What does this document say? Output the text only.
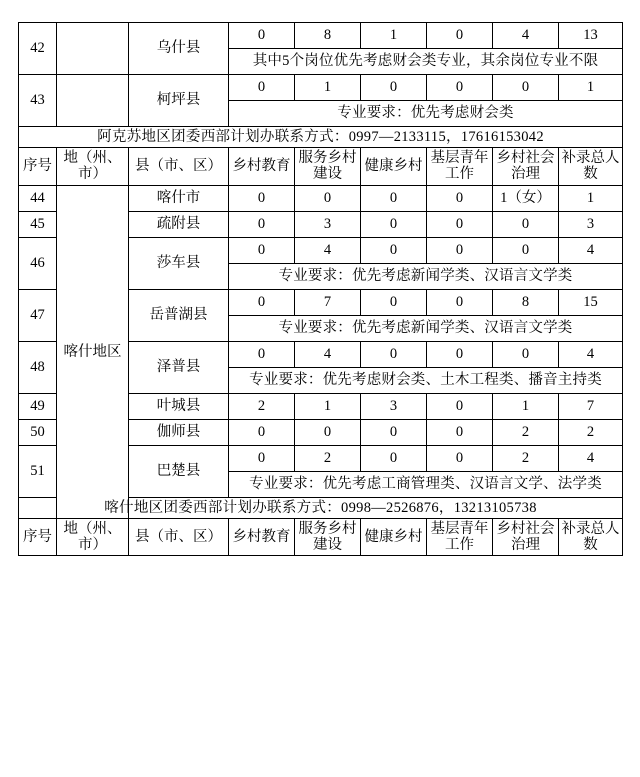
42		乌什县	0	8	1	0	4	13
			其中5个岗位优先考虑财会类专业，其余岗位专业不限					
43		柯坪县	0	1	0	0	0	1
			专业要求：优先考虑财会类					
阿克苏地区团委西部计划办联系方式：0997—2133115，17616153042								
序号	地（州、市）	县（市、区）	乡村教育	服务乡村建设	健康乡村	基层青年工作	乡村社会治理	补录总人数
44	喀什地区	喀什市	0	0	0	0	1（女）	1
45		疏附县	0	3	0	0	0	3
46		莎车县	0	4	0	0	0	4
			专业要求：优先考虑新闻学类、汉语言文学类					
47		岳普湖县	0	7	0	0	8	15
			专业要求：优先考虑新闻学类、汉语言文学类					
48		泽普县	0	4	0	0	0	4
			专业要求：优先考虑财会类、土木工程类、播音主持类					
49		叶城县	2	1	3	0	1	7
50		伽师县	0	0	0	0	2	2
51		巴楚县	0	2	0	0	2	4
			专业要求：优先考虑工商管理类、汉语言文学、法学类					
喀什地区团委西部计划办联系方式：0998—2526876，13213105738								
序号	地（州、市）	县（市、区）	乡村教育	服务乡村建设	健康乡村	基层青年工作	乡村社会治理	补录总人数
